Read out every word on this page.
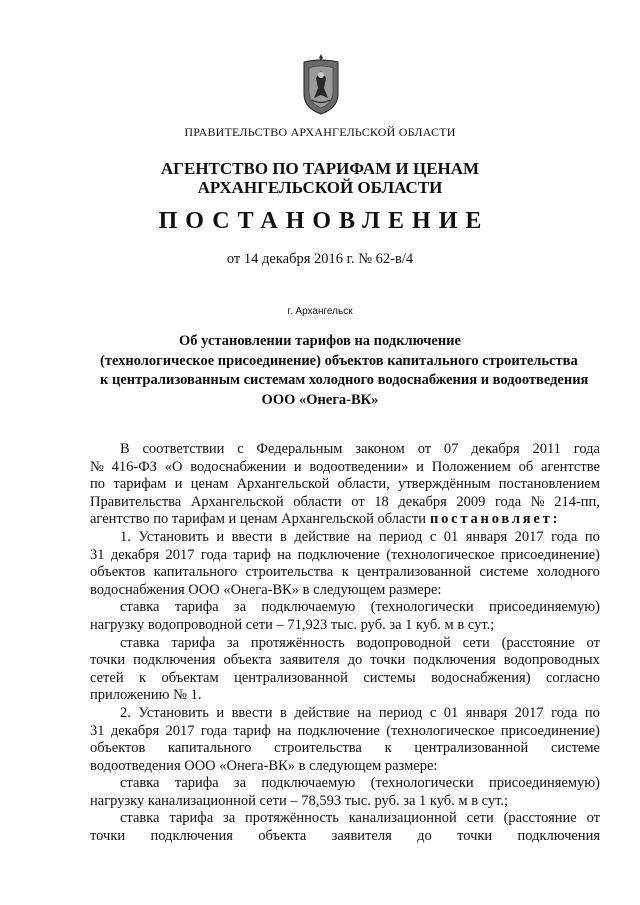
ПРАВИТЕЛЬСТВО АРХАНГЕЛЬСКОЙ ОБЛАСТИ
АГЕНТСТВО ПО ТАРИФАМ И ЦЕНАМ
АРХАНГЕЛЬСКОЙ ОБЛАСТИ
ПОСТАНОВЛЕНИЕ
от 14 декабря 2016 г. № 62-в/4
г. Архангельск
Об установлении тарифов на подключение
(технологическое присоединение) объектов капитального строительства
к централизованным системам холодного водоснабжения и водоотведения
ООО «Онега-ВК»
В соответствии с Федеральным законом от 07 декабря 2011 года
№ 416-ФЗ «О водоснабжении и водоотведении» и Положением об агентстве
по тарифам и ценам Архангельской области, утверждённым постановлением
Правительства Архангельской области от 18 декабря 2009 года № 214-пп,
агентство по тарифам и ценам Архангельской области постановляет:
1. Установить и ввести в действие на период с 01 января 2017 года по
31 декабря 2017 года тариф на подключение (технологическое присоединение)
объектов капитального строительства к централизованной системе холодного
водоснабжения ООО «Онега-ВК» в следующем размере:
ставка тарифа за подключаемую (технологически присоединяемую)
нагрузку водопроводной сети – 71,923 тыс. руб. за 1 куб. м в сут.;
ставка тарифа за протяжённость водопроводной сети (расстояние от
точки подключения объекта заявителя до точки подключения водопроводных
сетей к объектам централизованной системы водоснабжения) согласно
приложению № 1.
2. Установить и ввести в действие на период с 01 января 2017 года по
31 декабря 2017 года тариф на подключение (технологическое присоединение)
объектов капитального строительства к централизованной системе
водоотведения ООО «Онега-ВК» в следующем размере:
ставка тарифа за подключаемую (технологически присоединяемую)
нагрузку канализационной сети – 78,593 тыс. руб. за 1 куб. м в сут.;
ставка тарифа за протяжённость канализационной сети (расстояние от
точки подключения объекта заявителя до точки подключения
